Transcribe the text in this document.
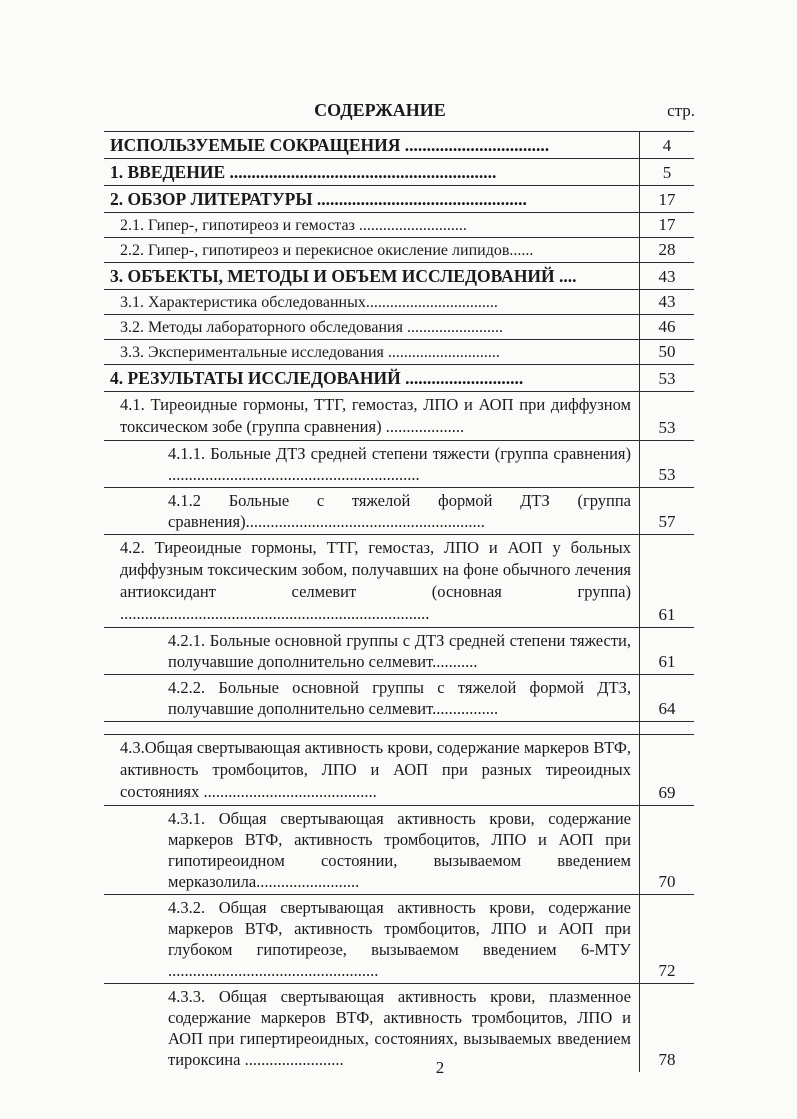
СОДЕРЖАНИЕ	стр.
ИСПОЛЬЗУЕМЫЕ СОКРАЩЕНИЯ .................................	4
1. ВВЕДЕНИЕ .............................................................	5
2. ОБЗОР ЛИТЕРАТУРЫ ................................................	17
2.1. Гипер-, гипотиреоз и гемостаз ...........................	17
2.2. Гипер-, гипотиреоз и перекисное окисление липидов......	28
3. ОБЪЕКТЫ, МЕТОДЫ И ОБЪЕМ ИССЛЕДОВАНИЙ ....	43
3.1. Характеристика обследованных.................................	43
3.2. Методы лабораторного обследования ........................	46
3.3. Экспериментальные исследования ............................	50
4. РЕЗУЛЬТАТЫ ИССЛЕДОВАНИЙ ...........................	53
4.1. Тиреоидные гормоны, ТТГ, гемостаз, ЛПО и АОП при диффузном токсическом зобе (группа сравнения) ...................	53
4.1.1. Больные ДТЗ средней степени тяжести (группа сравнения) .............................................................	53
4.1.2 Больные с тяжелой формой ДТЗ (группа сравнения)..........................................................	57
4.2. Тиреоидные гормоны, ТТГ, гемостаз, ЛПО и АОП у больных диффузным токсическим зобом, получавших на фоне обычного лечения антиоксидант селмевит (основная группа) ...........................................................................	61
4.2.1. Больные основной группы с ДТЗ средней степени тяжести, получавшие дополнительно селмевит...........	61
4.2.2. Больные основной группы с тяжелой формой ДТЗ, получавшие дополнительно селмевит................	64

4.3.Общая свертывающая активность крови, содержание маркеров ВТФ, активность тромбоцитов, ЛПО и АОП при разных тиреоидных состояниях ..........................................	69
4.3.1. Общая свертывающая активность крови, содержание маркеров ВТФ, активность тромбоцитов, ЛПО и АОП при гипотиреоидном состоянии, вызываемом введением мерказолила.........................	70
4.3.2. Общая свертывающая активность крови, содержание маркеров ВТФ, активность тромбоцитов, ЛПО и АОП при глубоком гипотиреозе, вызываемом введением 6-МТУ ...................................................	72
4.3.3. Общая свертывающая активность крови, плазменное содержание маркеров ВТФ, активность тромбоцитов, ЛПО и АОП при гипертиреоидных, состояниях, вызываемых введением тироксина ........................	78
2
